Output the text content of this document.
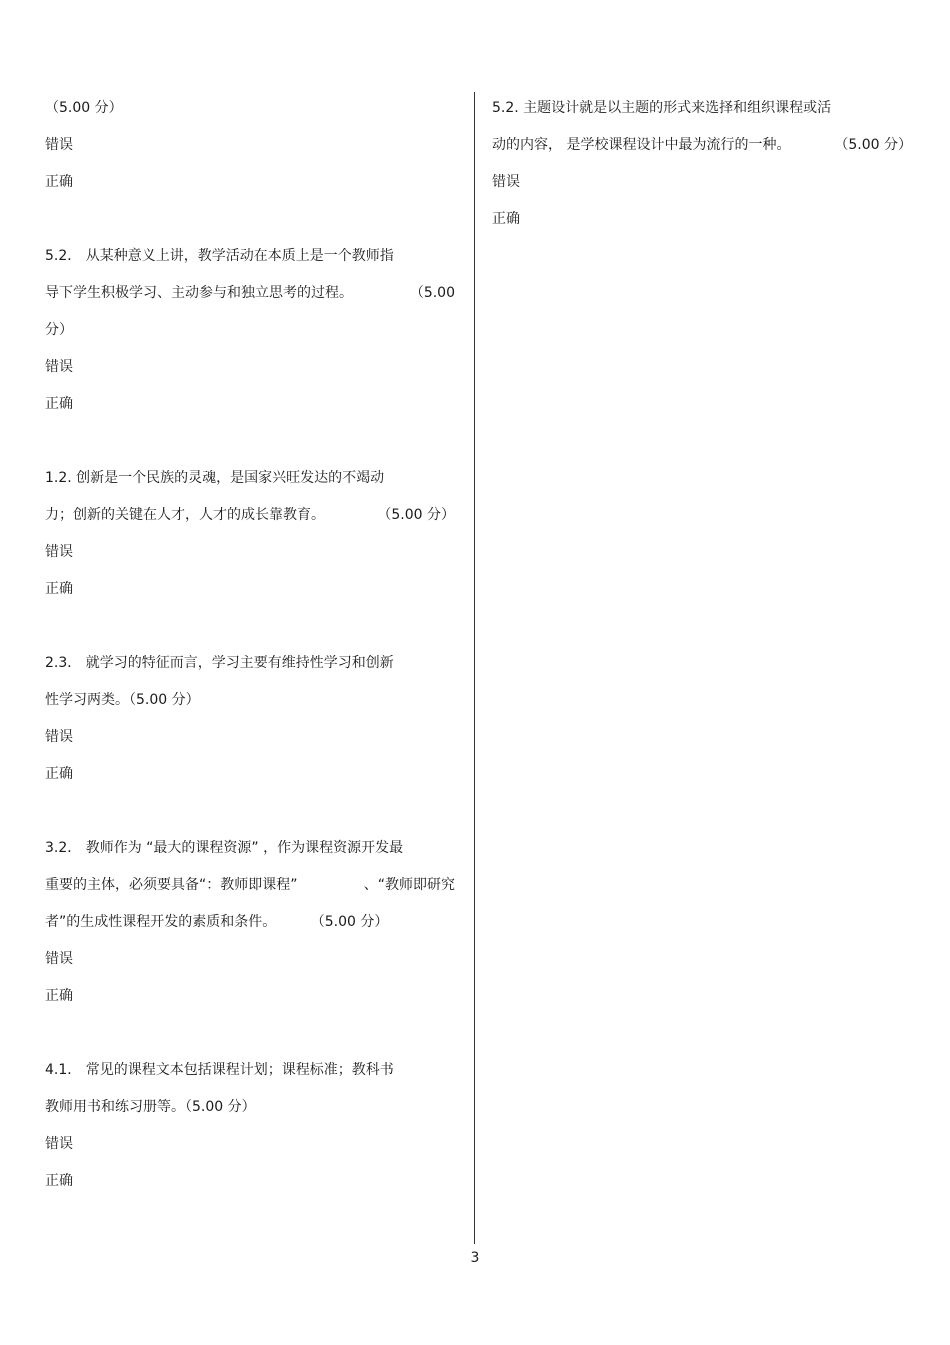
（5.00 分）
错误
正确
5.2． 从某种意义上讲，教学活动在本质上是一个教师指
导下学生积极学习、主动参与和独立思考的过程。	（5.00
分）
错误
正确
1.2. 创新是一个民族的灵魂，是国家兴旺发达的不竭动
力；创新的关键在人才，人才的成长靠教育。	（5.00 分）
错误
正确
2.3． 就学习的特征而言，学习主要有维持性学习和创新
性学习两类。（5.00 分）
错误
正确
3.2． 教师作为 “最大的课程资源” ，作为课程资源开发最
重要的主体，必须要具备“：教师即课程”	、“教师即研究
者”的生成性课程开发的素质和条件。 （5.00 分）
错误
正确
4.1． 常见的课程文本包括课程计划；课程标准；教科书
教师用书和练习册等。（5.00 分）
错误
正确
5.2. 主题设计就是以主题的形式来选择和组织课程或活
动的内容， 是学校课程设计中最为流行的一种。	（5.00 分）
错误
正确
3
